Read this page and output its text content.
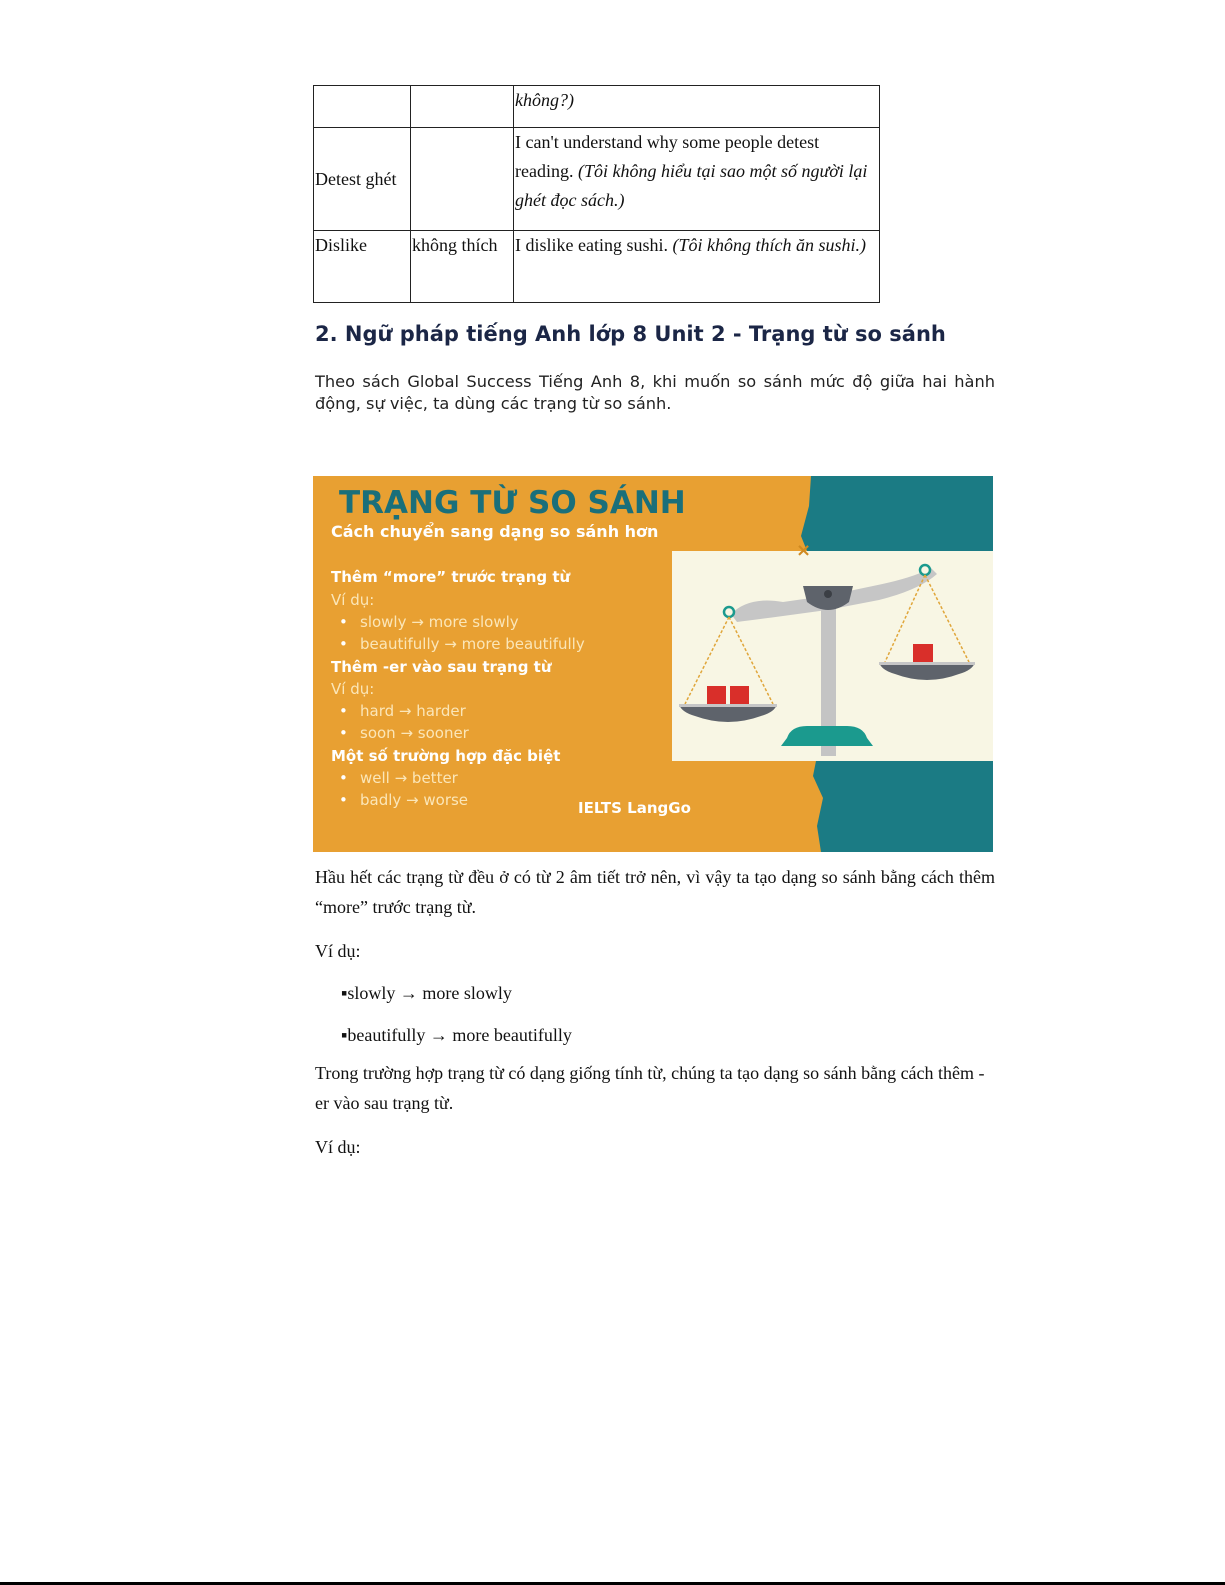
		không?)
Detest ghét		I can't understand why some people detest reading. (Tôi không hiểu tại sao một số người lại ghét đọc sách.)
Dislike	không thích	I dislike eating sushi. (Tôi không thích ăn sushi.)
2. Ngữ pháp tiếng Anh lớp 8 Unit 2 - Trạng từ so sánh

Theo sách Global Success Tiếng Anh 8, khi muốn so sánh mức độ giữa hai hành động, sự việc, ta dùng các trạng từ so sánh.

×
TRẠNG TỪ SO SÁNH
Cách chuyển sang dạng so sánh hơn
Thêm “more” trước trạng từ
Ví dụ:
• slowly → more slowly
• beautifully → more beautifully
Thêm -er vào sau trạng từ
Ví dụ:
• hard → harder
• soon → sooner
Một số trường hợp đặc biệt
• well → better
• badly → worse	IELTS LangGo

Hầu hết các trạng từ đều ở có từ 2 âm tiết trở nên, vì vậy ta tạo dạng so sánh bằng cách thêm “more” trước trạng từ.

Ví dụ:

▪slowly → more slowly

▪beautifully → more beautifully

Trong trường hợp trạng từ có dạng giống tính từ, chúng ta tạo dạng so sánh bằng cách thêm -er vào sau trạng từ.

Ví dụ:
